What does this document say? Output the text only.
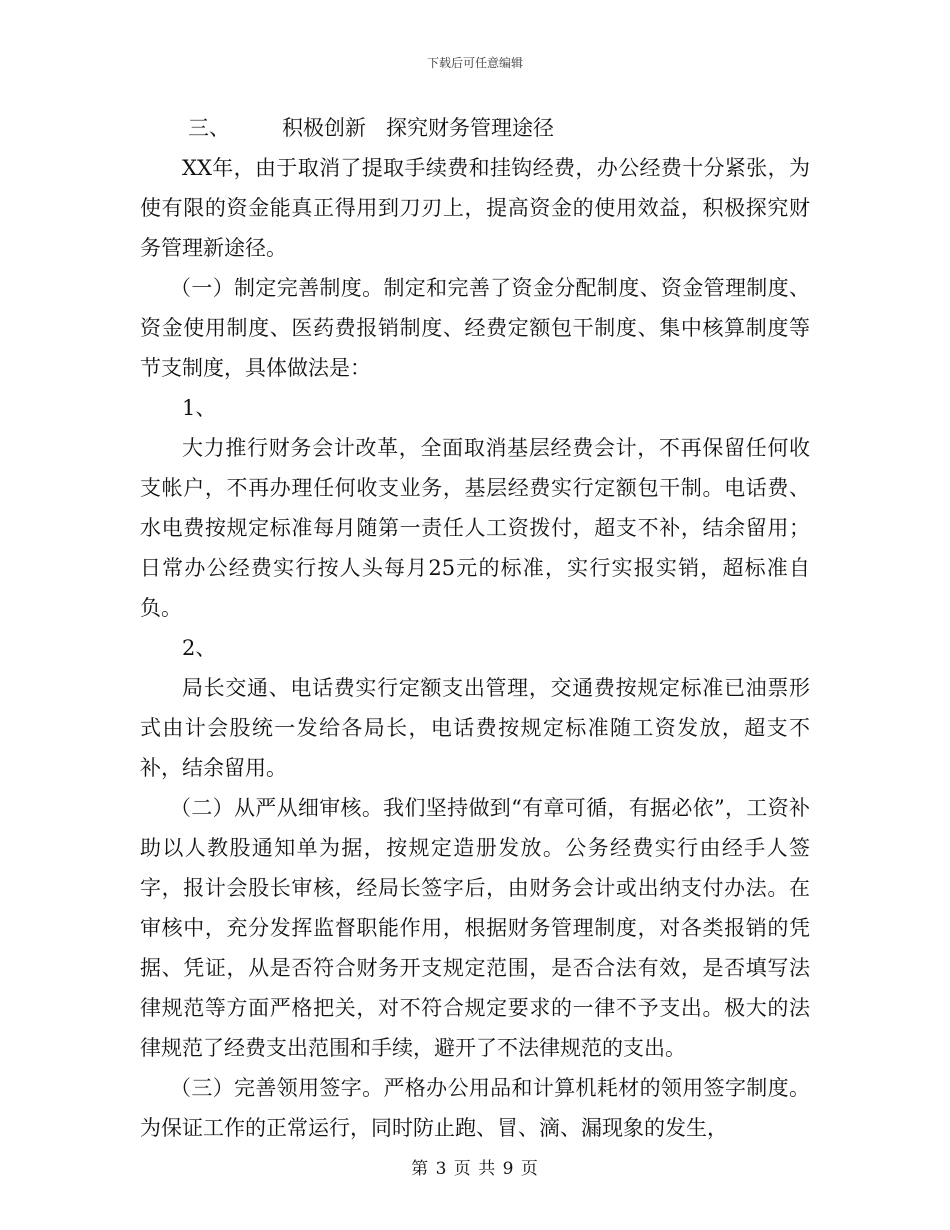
下载后可任意编辑

三、 积极创新 探究财务管理途径

XX年，由于取消了提取手续费和挂钩经费，办公经费十分紧张，为使有限的资金能真正得用到刀刃上，提高资金的使用效益，积极探究财务管理新途径。

（一）制定完善制度。制定和完善了资金分配制度、资金管理制度、资金使用制度、医药费报销制度、经费定额包干制度、集中核算制度等节支制度，具体做法是：

1、

大力推行财务会计改革，全面取消基层经费会计，不再保留任何收支帐户，不再办理任何收支业务，基层经费实行定额包干制。电话费、水电费按规定标准每月随第一责任人工资拨付，超支不补，结余留用；日常办公经费实行按人头每月25元的标准，实行实报实销，超标准自负。

2、

局长交通、电话费实行定额支出管理，交通费按规定标准已油票形式由计会股统一发给各局长，电话费按规定标准随工资发放，超支不补，结余留用。

（二）从严从细审核。我们坚持做到“有章可循，有据必依”，工资补助以人教股通知单为据，按规定造册发放。公务经费实行由经手人签字，报计会股长审核，经局长签字后，由财务会计或出纳支付办法。在审核中，充分发挥监督职能作用，根据财务管理制度，对各类报销的凭据、凭证，从是否符合财务开支规定范围，是否合法有效，是否填写法律规范等方面严格把关，对不符合规定要求的一律不予支出。极大的法律规范了经费支出范围和手续，避开了不法律规范的支出。

（三）完善领用签字。严格办公用品和计算机耗材的领用签字制度。为保证工作的正常运行，同时防止跑、冒、滴、漏现象的发生，

第 3 页 共 9 页
